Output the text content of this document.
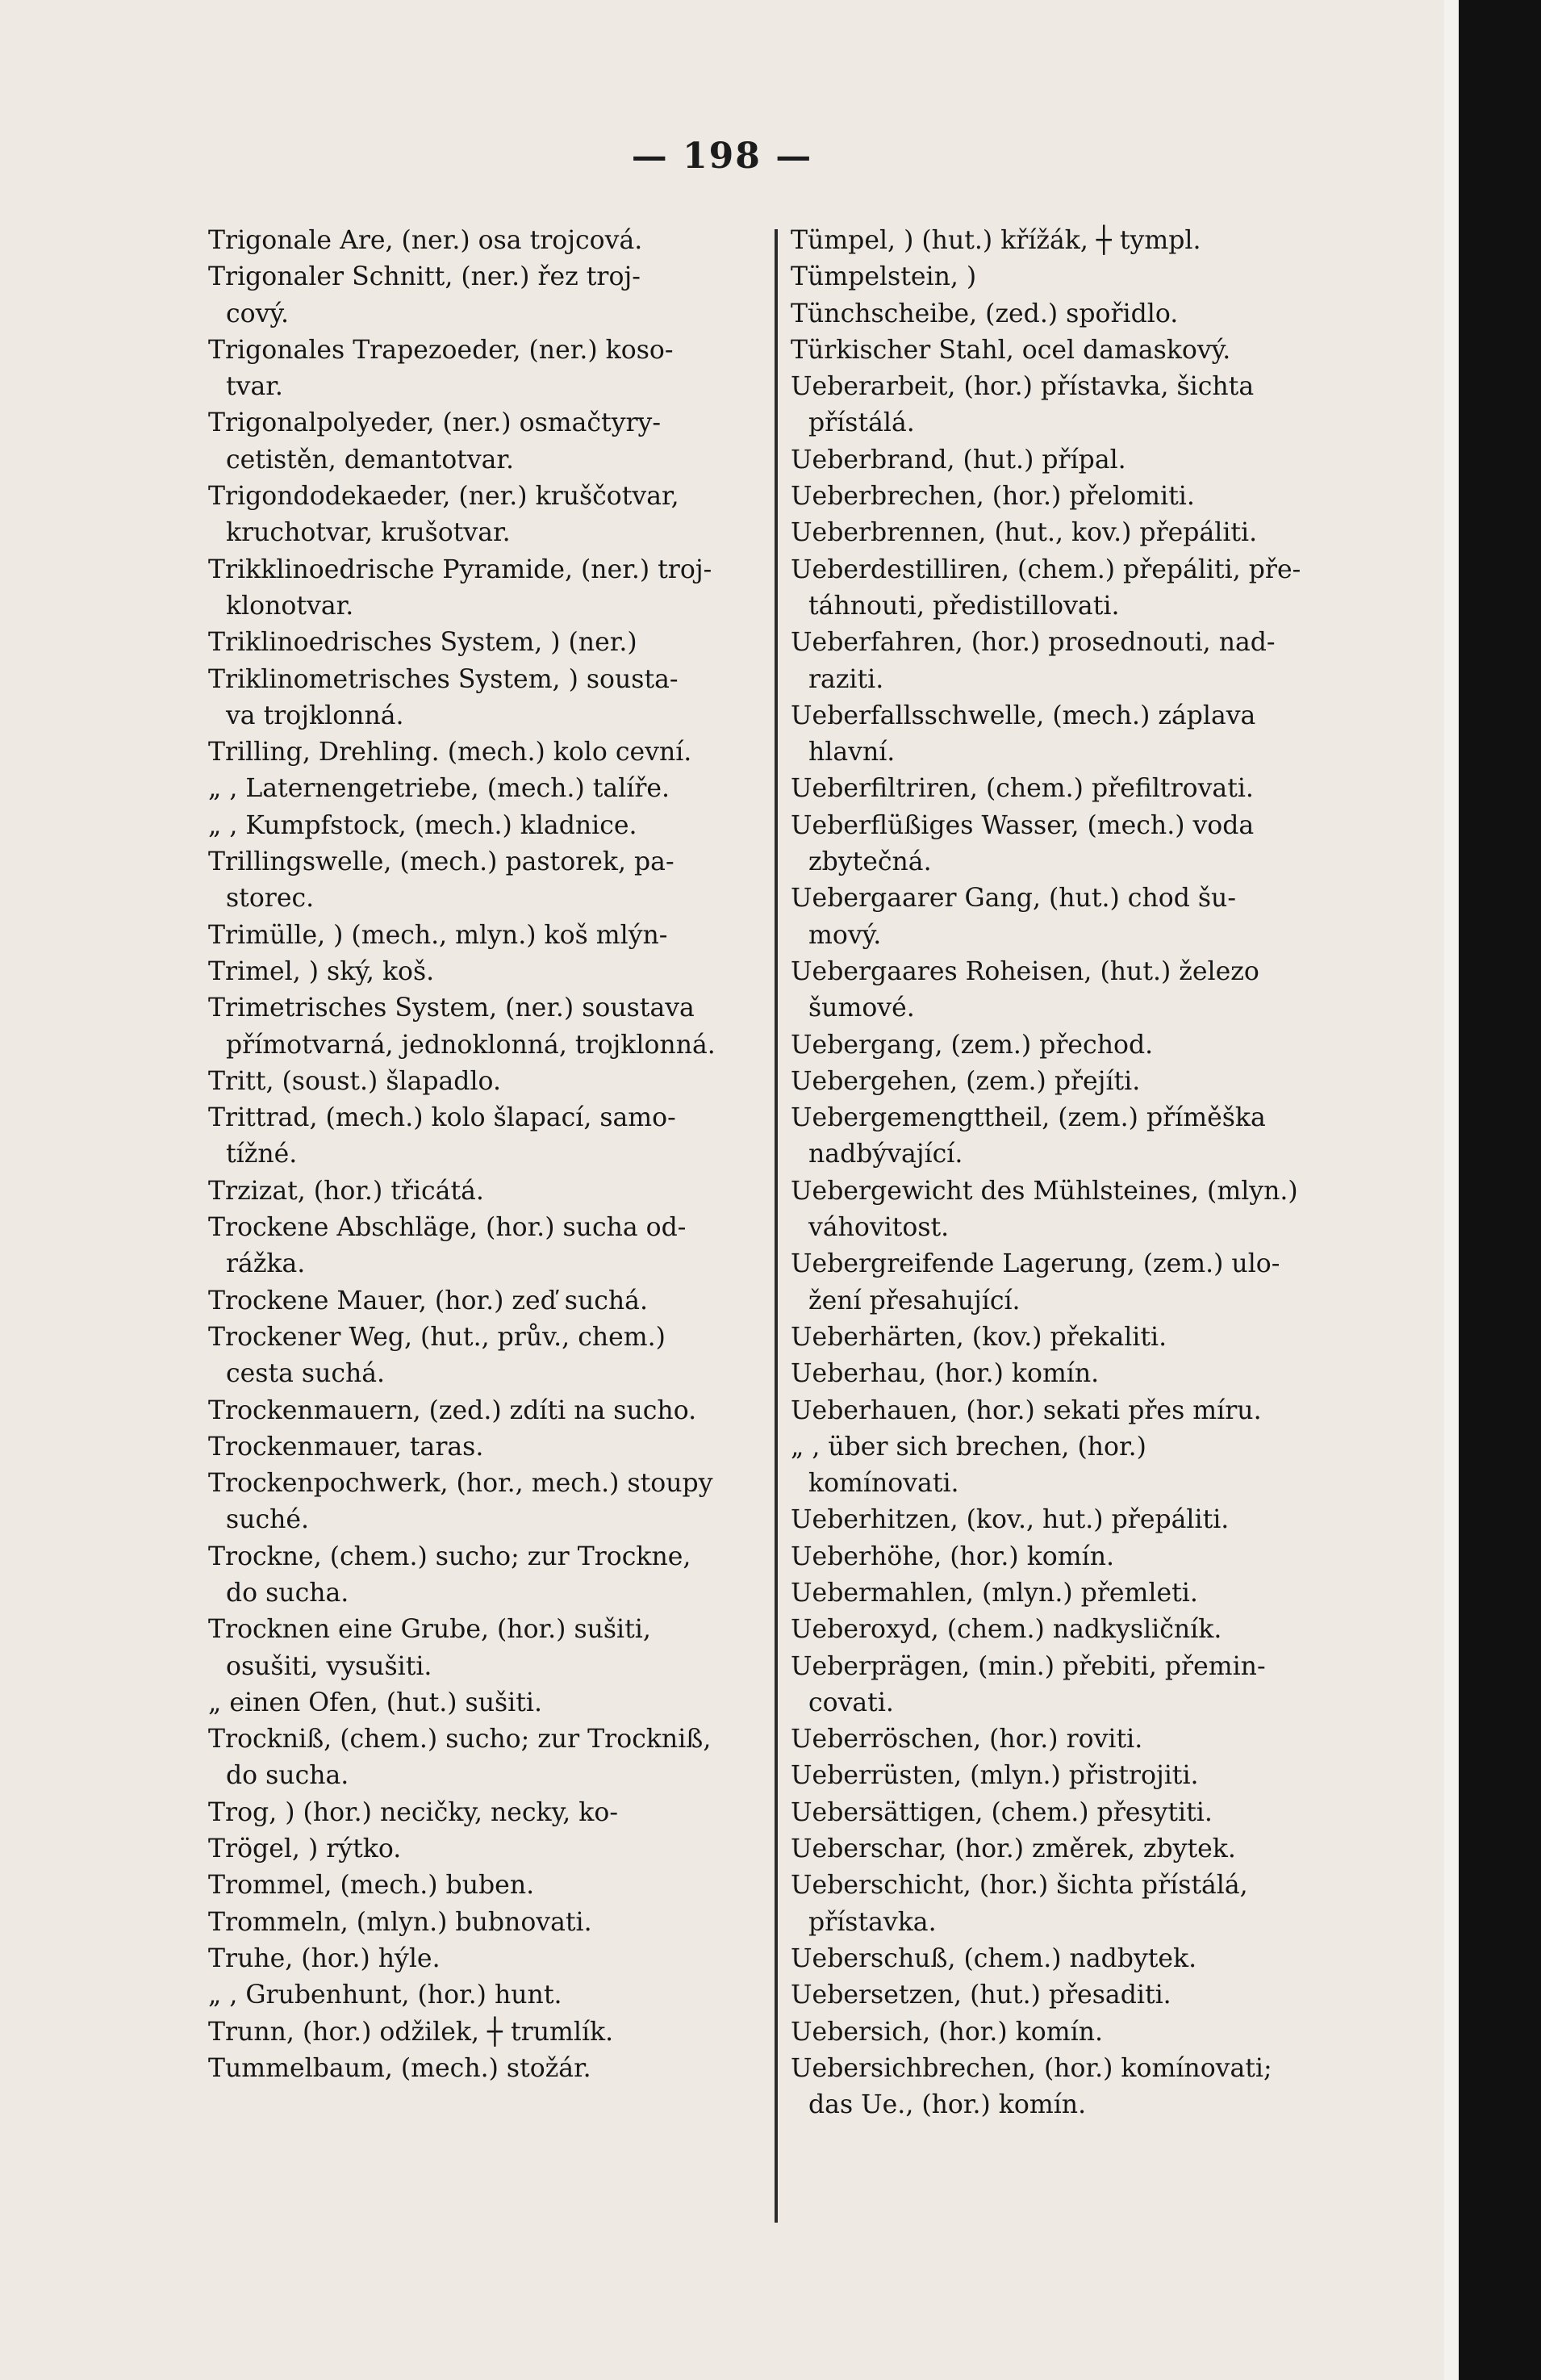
— 198 —
Trigonale Are, (ner.) osa trojcová.
Trigonaler Schnitt, (ner.) řez troj-
cový.
Trigonales Trapezoeder, (ner.) koso-
tvar.
Trigonalpolyeder, (ner.) osmačtyry-
cetistěn, demantotvar.
Trigondodekaeder, (ner.) kruščotvar,
kruchotvar, krušotvar.
Trikklinoedrische Pyramide, (ner.) troj-
klonotvar.
Triklinoedrisches System, ) (ner.)
Triklinometrisches System, ) sousta-
va trojklonná.
Trilling, Drehling. (mech.) kolo cevní.
„ , Laternengetriebe, (mech.) talíře.
„ , Kumpfstock, (mech.) kladnice.
Trillingswelle, (mech.) pastorek, pa-
storec.
Trimülle, ) (mech., mlyn.) koš mlýn-
Trimel, ) ský, koš.
Trimetrisches System, (ner.) soustava
přímotvarná, jednoklonná, trojklonná.
Tritt, (soust.) šlapadlo.
Trittrad, (mech.) kolo šlapací, samo-
tížné.
Trzizat, (hor.) třicátá.
Trockene Abschläge, (hor.) sucha od-
rážka.
Trockene Mauer, (hor.) zeď suchá.
Trockener Weg, (hut., prův., chem.)
cesta suchá.
Trockenmauern, (zed.) zdíti na sucho.
Trockenmauer, taras.
Trockenpochwerk, (hor., mech.) stoupy
suché.
Trockne, (chem.) sucho; zur Trockne,
do sucha.
Trocknen eine Grube, (hor.) sušiti,
osušiti, vysušiti.
„ einen Ofen, (hut.) sušiti.
Trockniß, (chem.) sucho; zur Trockniß,
do sucha.
Trog, ) (hor.) necičky, necky, ko-
Trögel, ) rýtko.
Trommel, (mech.) buben.
Trommeln, (mlyn.) bubnovati.
Truhe, (hor.) hýle.
„ , Grubenhunt, (hor.) hunt.
Trunn, (hor.) odžilek, ┼ trumlík.
Tummelbaum, (mech.) stožár.
Tümpel, ) (hut.) křížák, ┼ tympl.
Tümpelstein, )
Tünchscheibe, (zed.) spořidlo.
Türkischer Stahl, ocel damaskový.
Ueberarbeit, (hor.) přístavka, šichta
přístálá.
Ueberbrand, (hut.) přípal.
Ueberbrechen, (hor.) přelomiti.
Ueberbrennen, (hut., kov.) přepáliti.
Ueberdestilliren, (chem.) přepáliti, pře-
táhnouti, předistillovati.
Ueberfahren, (hor.) prosednouti, nad-
raziti.
Ueberfallsschwelle, (mech.) záplava
hlavní.
Ueberfiltriren, (chem.) přefiltrovati.
Ueberflüßiges Wasser, (mech.) voda
zbytečná.
Uebergaarer Gang, (hut.) chod šu-
mový.
Uebergaares Roheisen, (hut.) železo
šumové.
Uebergang, (zem.) přechod.
Uebergehen, (zem.) přejíti.
Uebergemengttheil, (zem.) příměška
nadbývající.
Uebergewicht des Mühlsteines, (mlyn.)
váhovitost.
Uebergreifende Lagerung, (zem.) ulo-
žení přesahující.
Ueberhärten, (kov.) překaliti.
Ueberhau, (hor.) komín.
Ueberhauen, (hor.) sekati přes míru.
„ , über sich brechen, (hor.)
komínovati.
Ueberhitzen, (kov., hut.) přepáliti.
Ueberhöhe, (hor.) komín.
Uebermahlen, (mlyn.) přemleti.
Ueberoxyd, (chem.) nadkysličník.
Ueberprägen, (min.) přebiti, přemin-
covati.
Ueberröschen, (hor.) roviti.
Ueberrüsten, (mlyn.) přistrojiti.
Uebersättigen, (chem.) přesytiti.
Ueberschar, (hor.) změrek, zbytek.
Ueberschicht, (hor.) šichta přístálá,
přístavka.
Ueberschuß, (chem.) nadbytek.
Uebersetzen, (hut.) přesaditi.
Uebersich, (hor.) komín.
Uebersichbrechen, (hor.) komínovati;
das Ue., (hor.) komín.
